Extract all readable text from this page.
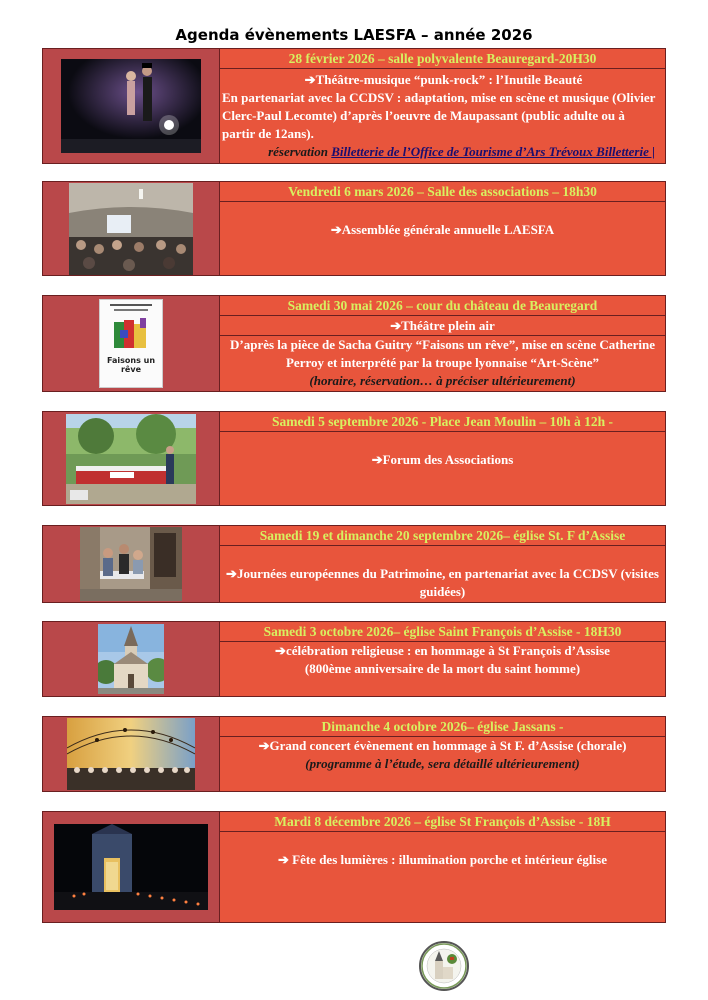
Agenda évènements LAESFA – année 2026
28 février 2026 – salle polyvalente Beauregard-20H30
➔Théâtre-musique “punk-rock” : l’Inutile Beauté
En partenariat avec la CCDSV : adaptation, mise en scène et musique (Olivier Clerc-Paul Lecomte) d’après l’oeuvre de Maupassant (public adulte ou à partir de 12ans).
réservation Billetterie de l’Office de Tourisme d’Ars Trévoux Billetterie |
Vendredi 6 mars 2026 – Salle des associations – 18h30
➔Assemblée générale annuelle LAESFA
Faisons un rêve
Samedi 30 mai 2026 – cour du château de Beauregard
➔Théâtre plein air
D’après la pièce de Sacha Guitry “Faisons un rêve”, mise en scène Catherine Perroy et interprété par la troupe lyonnaise “Art-Scène”
(horaire, réservation… à préciser ultérieurement)
Samedi 5 septembre 2026 - Place Jean Moulin – 10h à 12h -
➔Forum des Associations
Samedi 19 et dimanche 20 septembre 2026– église St. F d’Assise
➔Journées européennes du Patrimoine, en partenariat avec la CCDSV (visites guidées)
Samedi 3 octobre 2026– église Saint François d’Assise - 18H30
➔célébration religieuse : en hommage à St François d’Assise
(800ème anniversaire de la mort du saint homme)
Dimanche 4 octobre 2026– église Jassans -
➔Grand concert évènement en hommage à St F. d’Assise (chorale)
(programme à l’étude, sera détaillé ultérieurement)
Mardi 8 décembre 2026 – église St François d’Assise - 18H
➔ Fête des lumières : illumination porche et intérieur église
